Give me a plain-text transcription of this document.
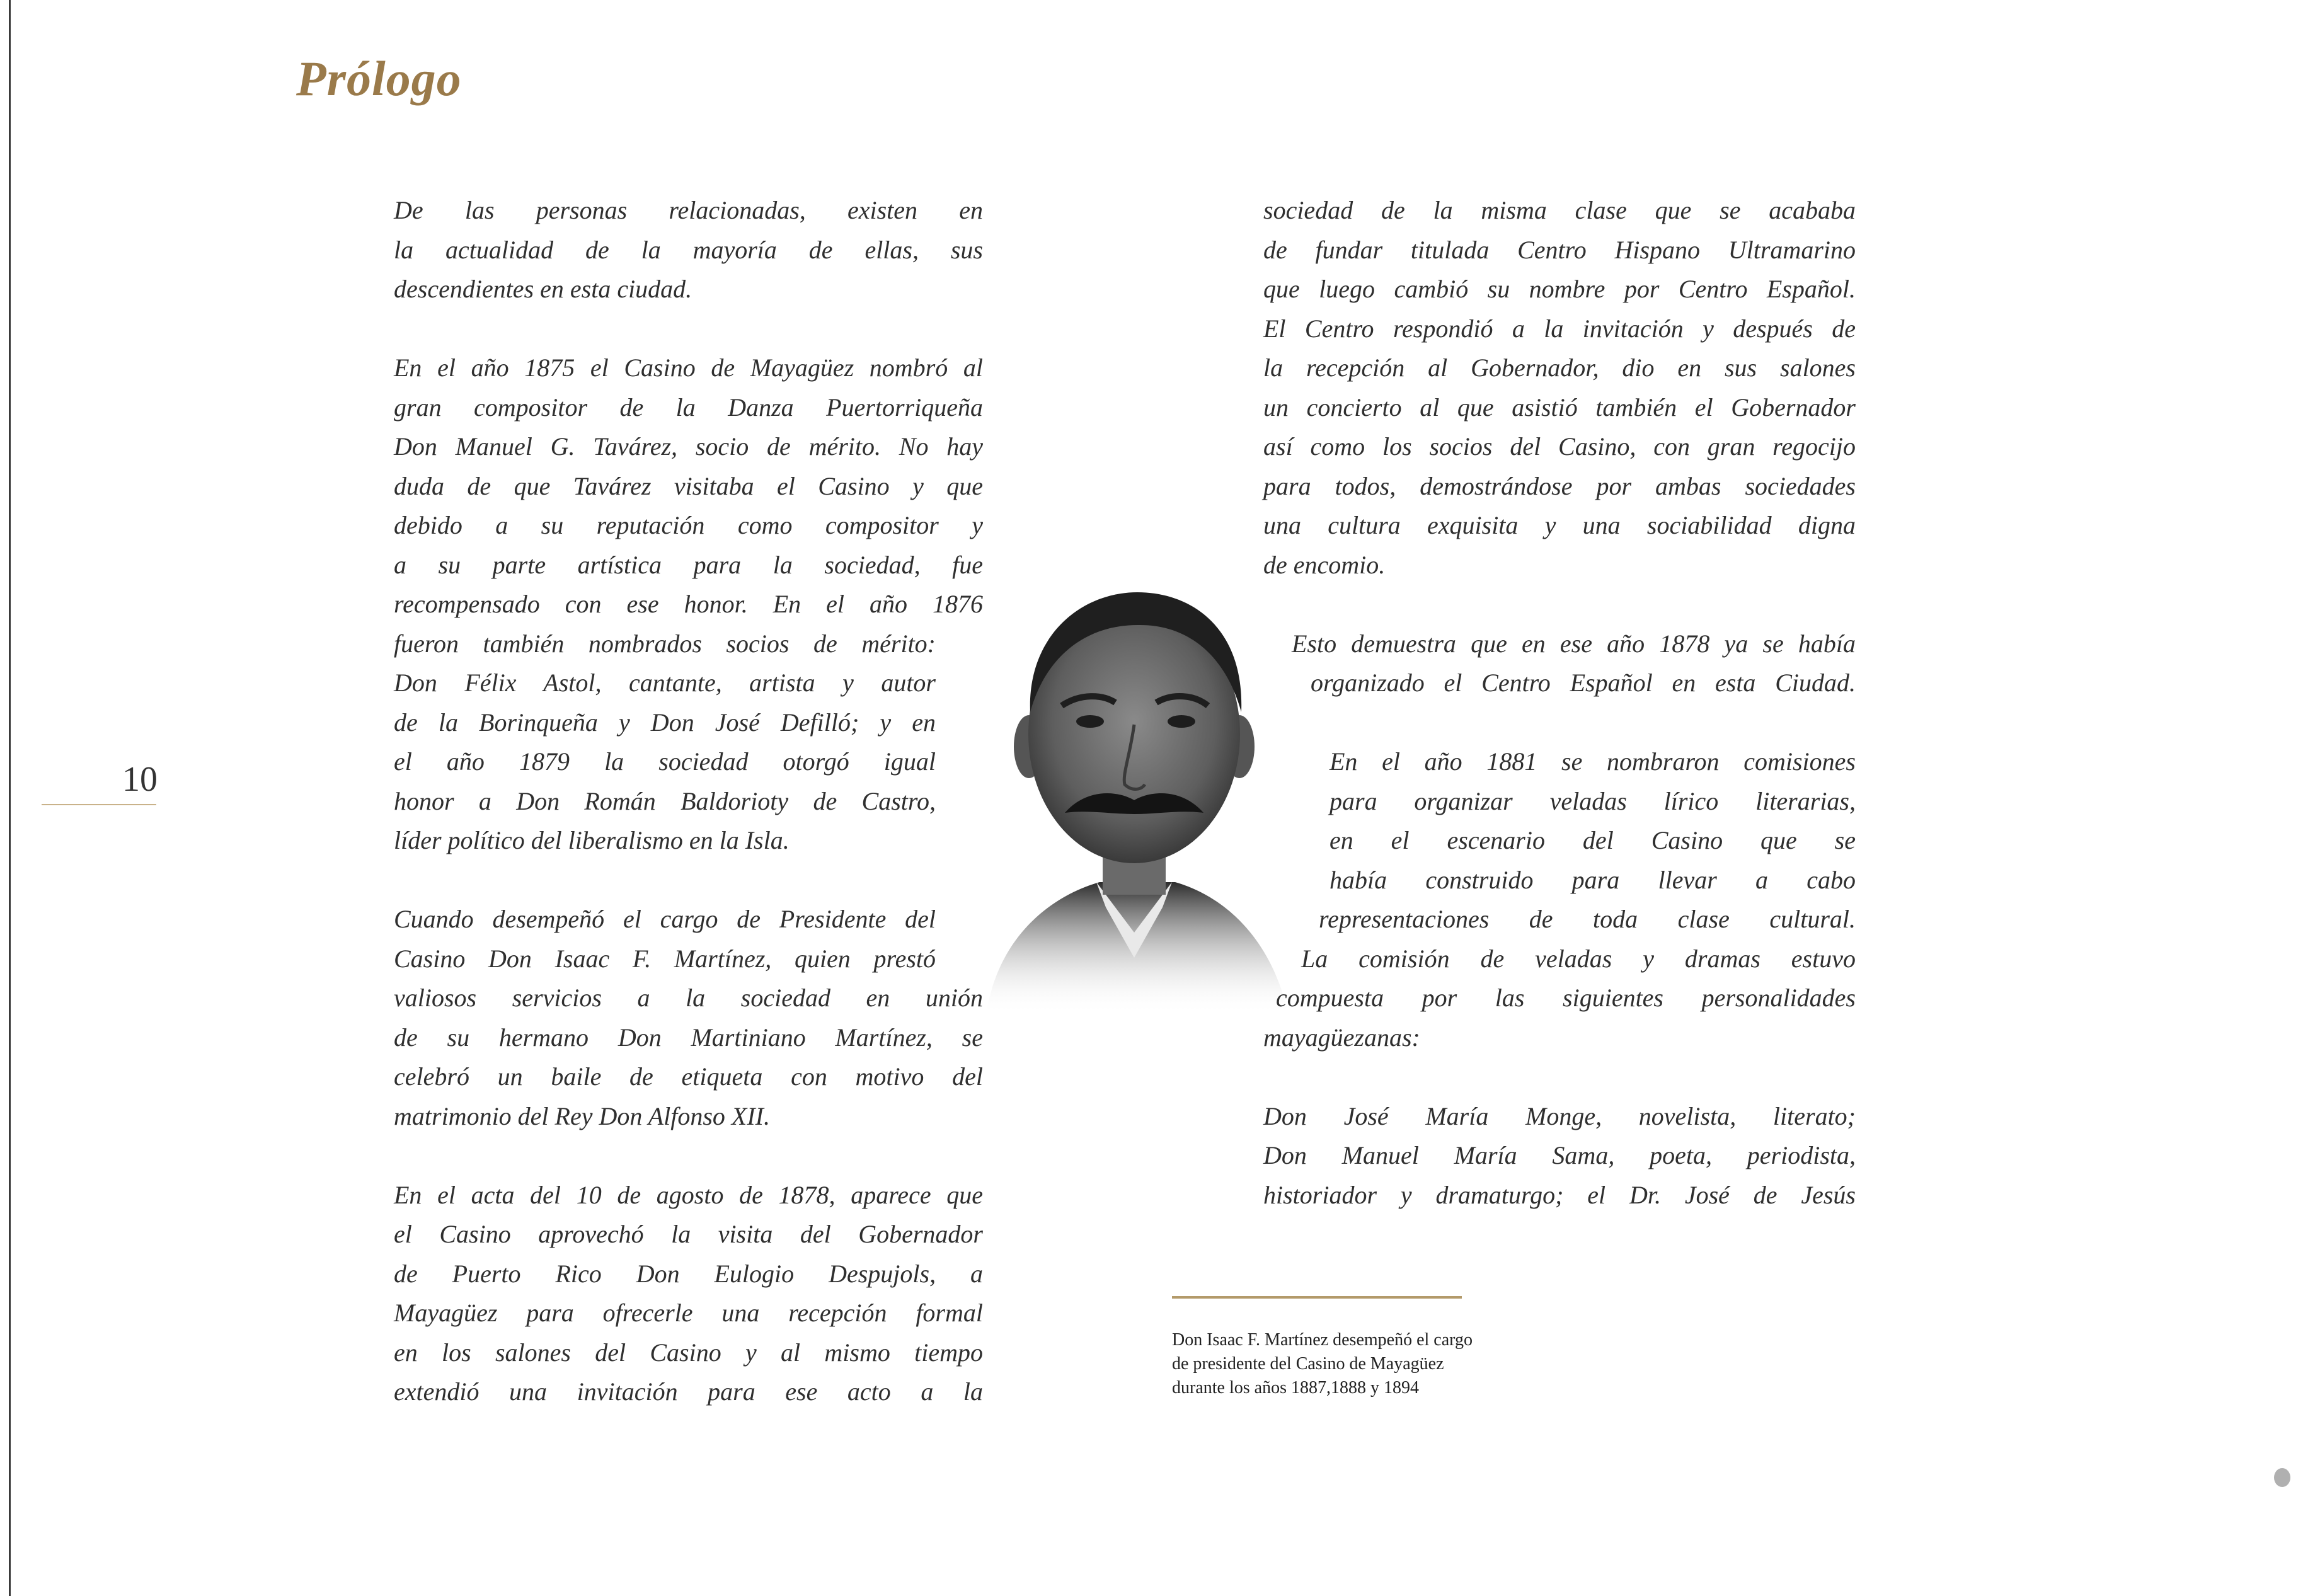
Prólogo
10

De las personas relacionadas, existen en
la actualidad de la mayoría de ellas, sus
descendientes en esta ciudad.

En el año 1875 el Casino de Mayagüez nombró al
gran compositor de la Danza Puertorriqueña
Don Manuel G. Tavárez, socio de mérito. No hay
duda de que Tavárez visitaba el Casino y que
debido a su reputación como compositor y
a su parte artística para la sociedad, fue
recompensado con ese honor. En el año 1876
fueron también nombrados socios de mérito:
Don Félix Astol, cantante, artista y autor
de la Borinqueña y Don José Defilló; y en
el año 1879 la sociedad otorgó igual
honor a Don Román Baldorioty de Castro,
líder político del liberalismo en la Isla.

Cuando desempeñó el cargo de Presidente del
Casino Don Isaac F. Martínez, quien prestó
valiosos servicios a la sociedad en unión
de su hermano Don Martiniano Martínez, se
celebró un baile de etiqueta con motivo del
matrimonio del Rey Don Alfonso XII.

En el acta del 10 de agosto de 1878, aparece que
el Casino aprovechó la visita del Gobernador
de Puerto Rico Don Eulogio Despujols, a
Mayagüez para ofrecerle una recepción formal
en los salones del Casino y al mismo tiempo
extendió una invitación para ese acto a la

sociedad de la misma clase que se acababa
de fundar titulada Centro Hispano Ultramarino
que luego cambió su nombre por Centro Español.
El Centro respondió a la invitación y después de
la recepción al Gobernador, dio en sus salones
un concierto al que asistió también el Gobernador
así como los socios del Casino, con gran regocijo
para todos, demostrándose por ambas sociedades
una cultura exquisita y una sociabilidad digna
de encomio.

Esto demuestra que en ese año 1878 ya se había
organizado el Centro Español en esta Ciudad.

En el año 1881 se nombraron comisiones
para organizar veladas lírico literarias,
en el escenario del Casino que se
había construido para llevar a cabo
representaciones de toda clase cultural.
La comisión de veladas y dramas estuvo
compuesta por las siguientes personalidades
mayagüezanas:

Don José María Monge, novelista, literato;
Don Manuel María Sama, poeta, periodista,
historiador y dramaturgo; el Dr. José de Jesús

Don Isaac F. Martínez desempeñó el cargo
de presidente del Casino de Mayagüez
durante los años 1887,1888 y 1894
